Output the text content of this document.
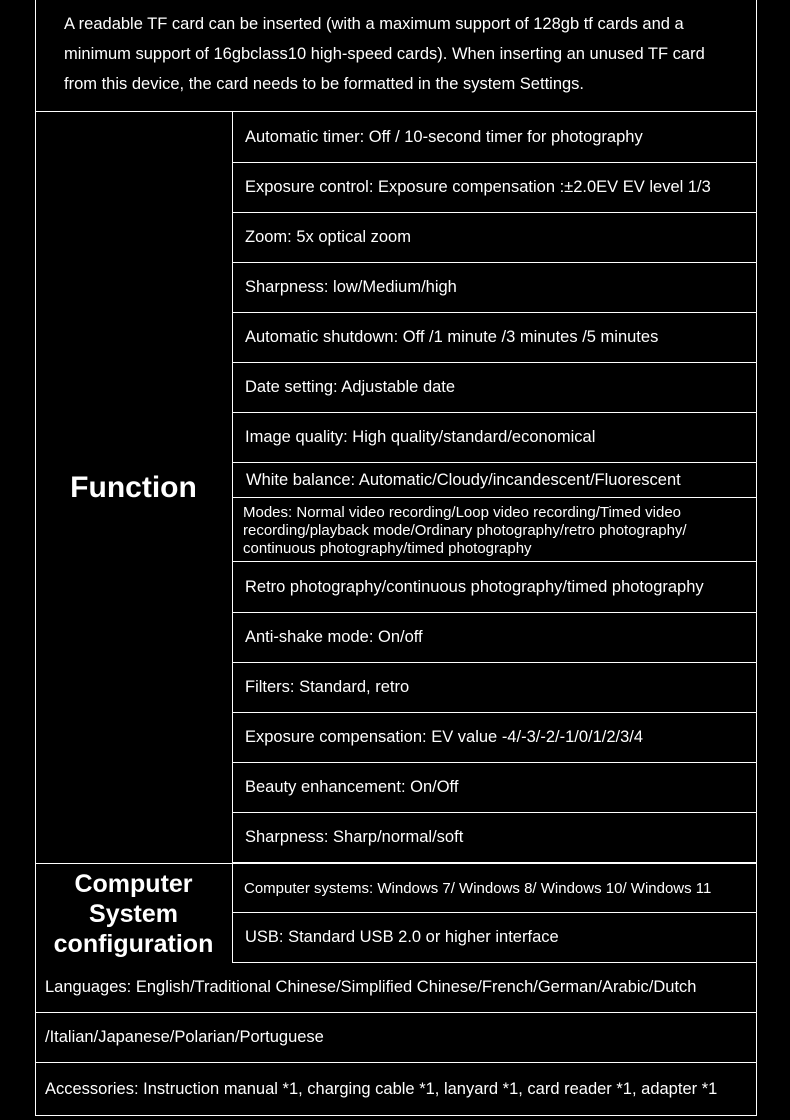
A readable TF card can be inserted (with a maximum support of 128gb tf cards and a minimum support of 16gbclass10 high-speed cards). When inserting an unused TF card from this device, the card needs to be formatted in the system Settings.
Function
Automatic timer: Off / 10-second timer for photography
Exposure control: Exposure compensation :±2.0EV EV level 1/3
Zoom: 5x optical zoom
Sharpness: low/Medium/high
Automatic shutdown: Off /1 minute /3 minutes /5 minutes
Date setting: Adjustable date
Image quality: High quality/standard/economical
White balance: Automatic/Cloudy/incandescent/Fluorescent
Modes: Normal video recording/Loop video recording/Timed video recording/playback mode/Ordinary photography/retro photography/ continuous photography/timed photography
Retro photography/continuous photography/timed photography
Anti-shake mode: On/off
Filters: Standard, retro
Exposure compensation: EV value -4/-3/-2/-1/0/1/2/3/4
Beauty enhancement: On/Off
Sharpness: Sharp/normal/soft
Computer
System
configuration
Computer systems: Windows 7/ Windows 8/ Windows 10/ Windows 11
USB: Standard USB 2.0 or higher interface
Languages: English/Traditional Chinese/Simplified Chinese/French/German/Arabic/Dutch
/Italian/Japanese/Polarian/Portuguese
Accessories: Instruction manual *1, charging cable *1, lanyard *1, card reader *1, adapter *1
